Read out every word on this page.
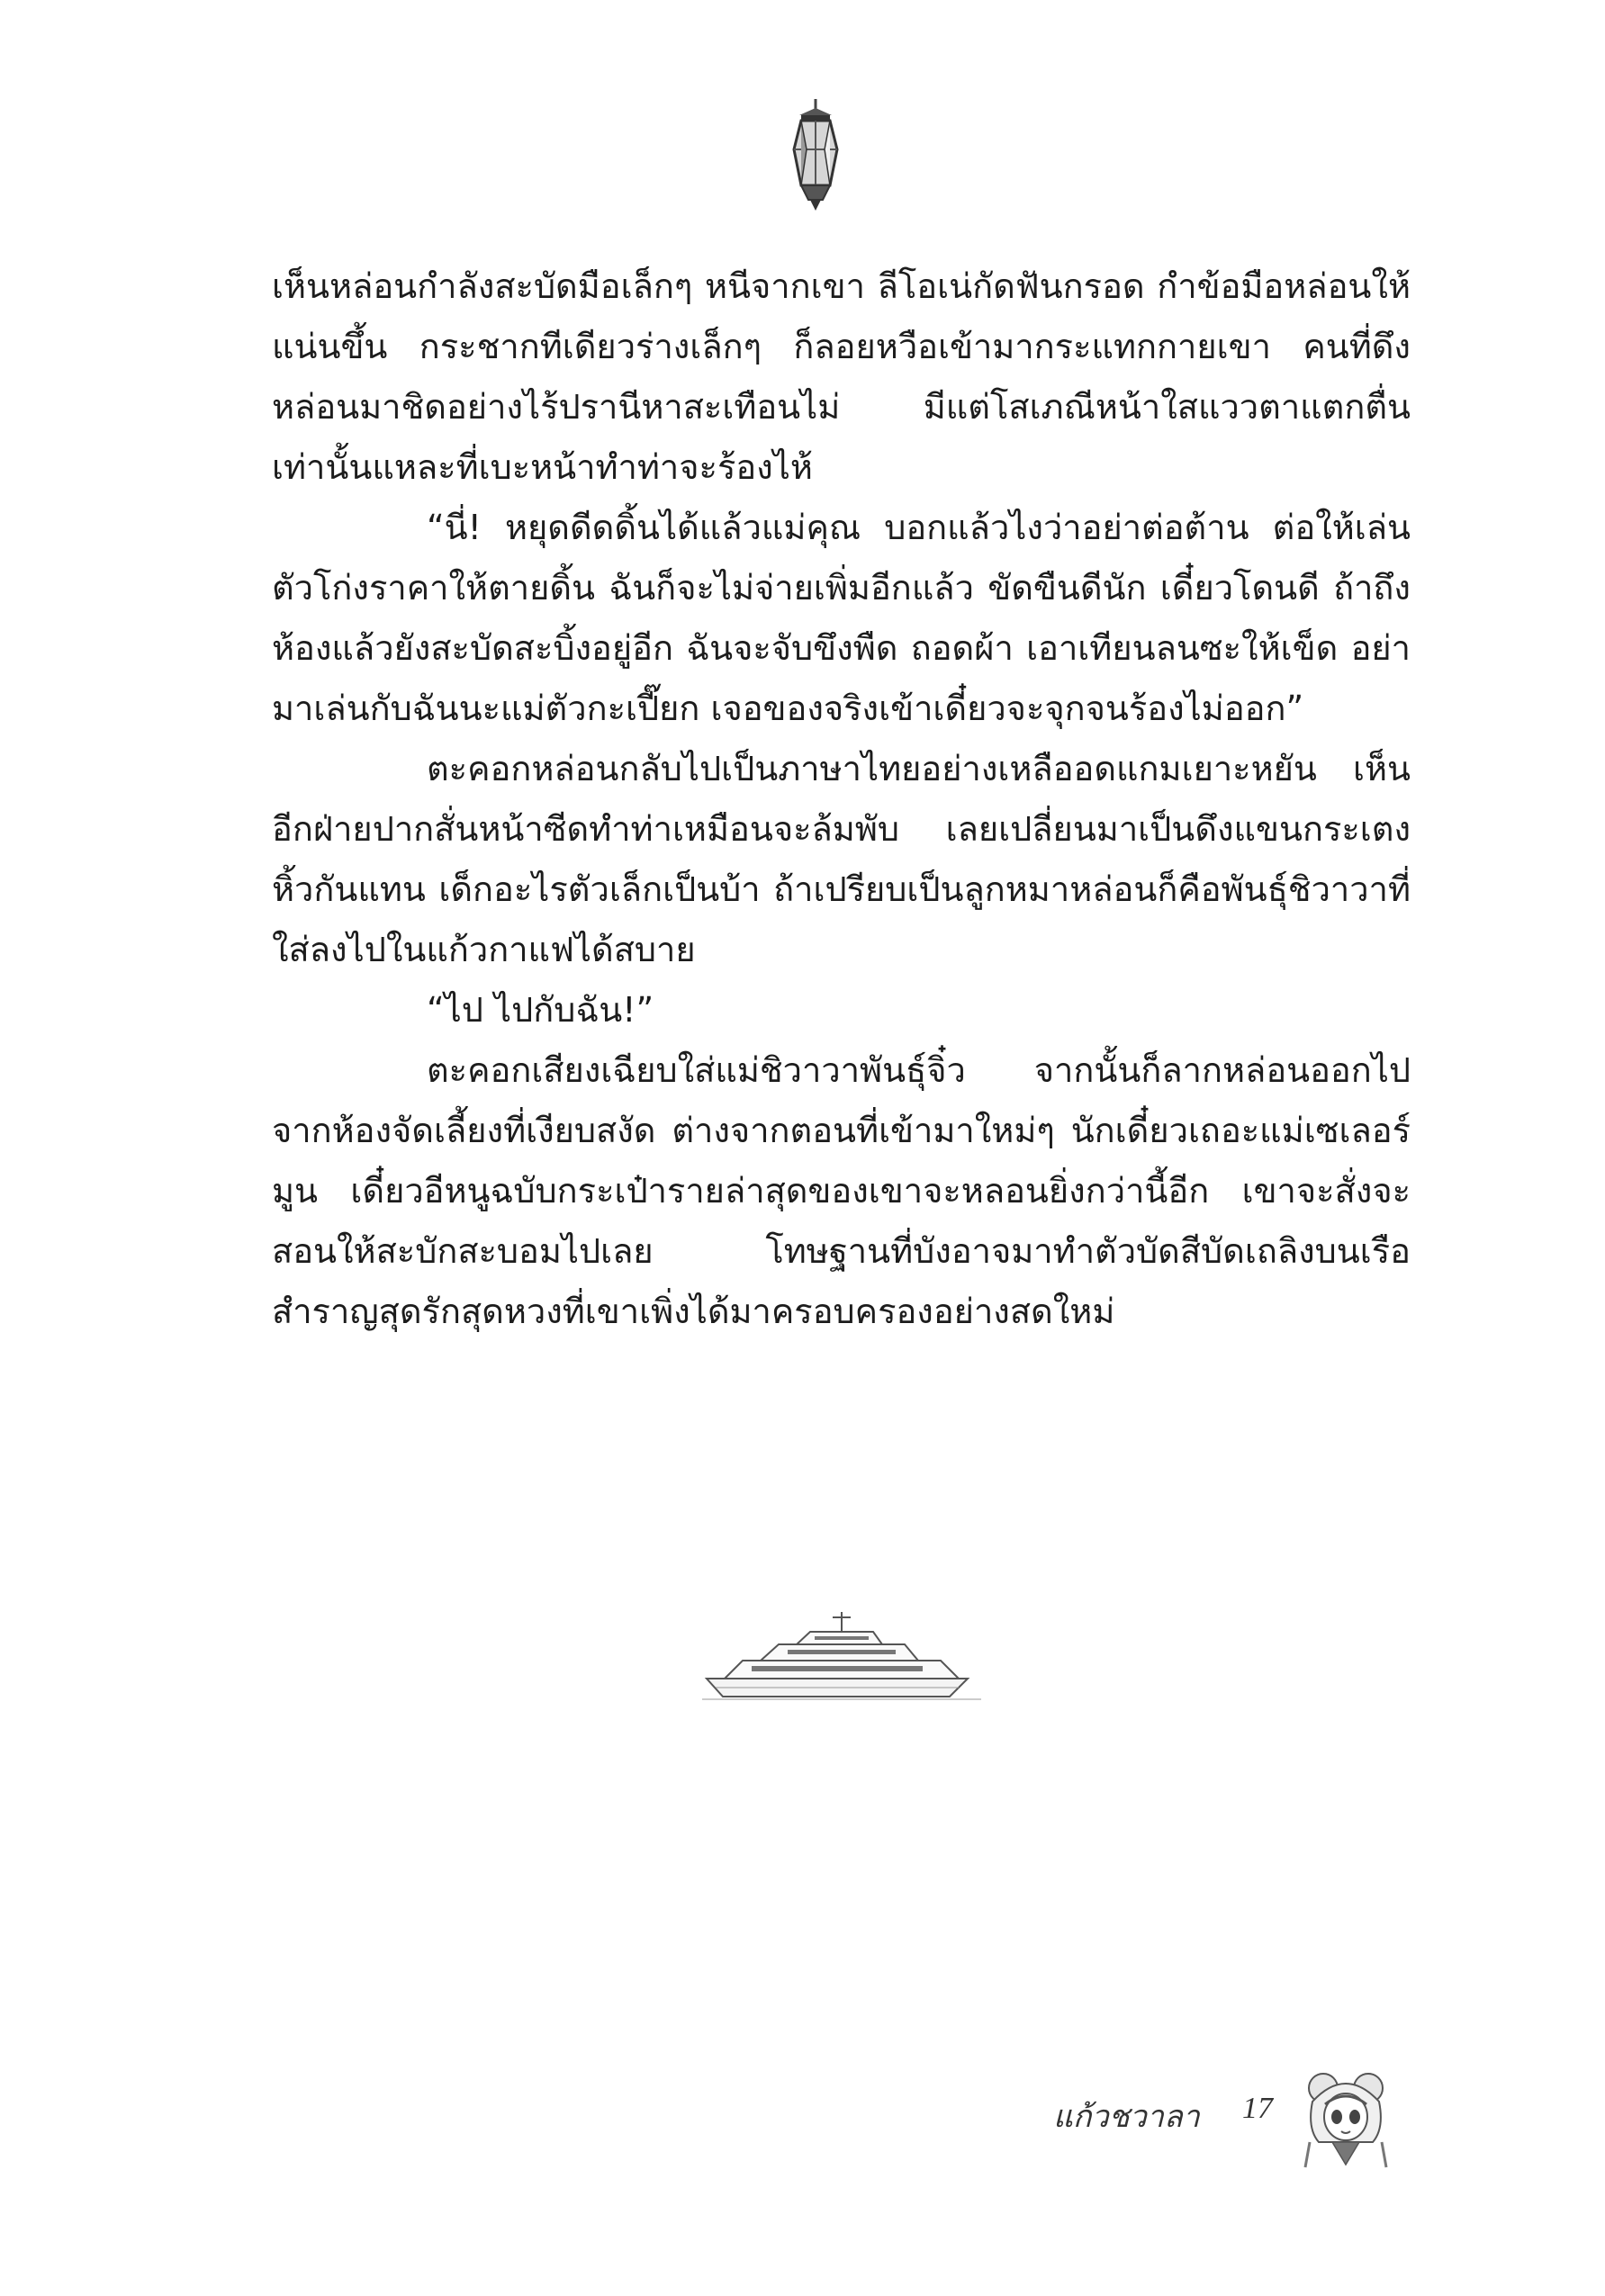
เห็นหล่อนกำลังสะบัดมือเล็กๆ หนีจากเขา ลีโอเน่กัดฟันกรอด กำข้อมือหล่อนให้แน่นขึ้น กระชากทีเดียวร่างเล็กๆ ก็ลอยหวือเข้ามากระแทกกายเขา คนที่ดึงหล่อนมาชิดอย่างไร้ปรานีหาสะเทือนไม่ มีแต่โสเภณีหน้าใสแววตาแตกตื่นเท่านั้นแหละที่เบะหน้าทำท่าจะร้องไห้

“นี่! หยุดดีดดิ้นได้แล้วแม่คุณ บอกแล้วไงว่าอย่าต่อต้าน ต่อให้เล่นตัวโก่งราคาให้ตายดิ้น ฉันก็จะไม่จ่ายเพิ่มอีกแล้ว ขัดขืนดีนัก เดี๋ยวโดนดี ถ้าถึงห้องแล้วยังสะบัดสะบิ้งอยู่อีก ฉันจะจับขึงพืด ถอดผ้า เอาเทียนลนซะให้เข็ด อย่ามาเล่นกับฉันนะแม่ตัวกะเปี๊ยก เจอของจริงเข้าเดี๋ยวจะจุกจนร้องไม่ออก”

ตะคอกหล่อนกลับไปเป็นภาษาไทยอย่างเหลืออดแกมเยาะหยัน เห็นอีกฝ่ายปากสั่นหน้าซีดทำท่าเหมือนจะล้มพับ เลยเปลี่ยนมาเป็นดึงแขนกระเตงหิ้วกันแทน เด็กอะไรตัวเล็กเป็นบ้า ถ้าเปรียบเป็นลูกหมาหล่อนก็คือพันธุ์ชิวาวาที่ใส่ลงไปในแก้วกาแฟได้สบาย

“ไป ไปกับฉัน!”

ตะคอกเสียงเฉียบใส่แม่ชิวาวาพันธุ์จิ๋ว จากนั้นก็ลากหล่อนออกไปจากห้องจัดเลี้ยงที่เงียบสงัด ต่างจากตอนที่เข้ามาใหม่ๆ นักเดี๋ยวเถอะแม่เซเลอร์มูน เดี๋ยวอีหนูฉบับกระเป๋ารายล่าสุดของเขาจะหลอนยิ่งกว่านี้อีก เขาจะสั่งจะสอนให้สะบักสะบอมไปเลย โทษฐานที่บังอาจมาทำตัวบัดสีบัดเถลิงบนเรือสำราญสุดรักสุดหวงที่เขาเพิ่งได้มาครอบครองอย่างสดใหม่

แก้วชวาลา 17
